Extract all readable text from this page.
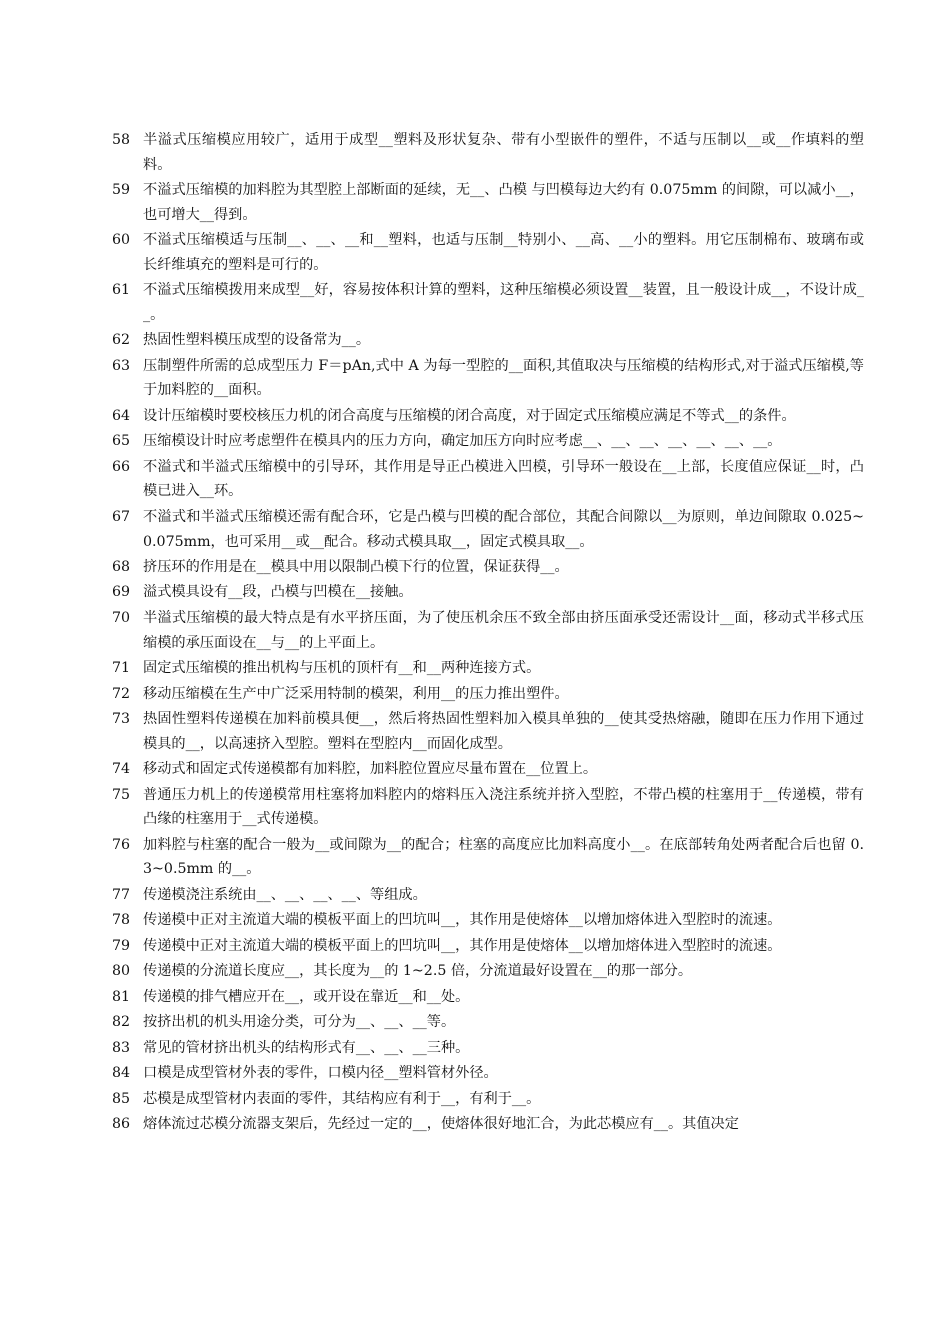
58 半溢式压缩模应用较广，适用于成型__塑料及形状复杂、带有小型嵌件的塑件，不适与压制以__或__作填料的塑料。
59 不溢式压缩模的加料腔为其型腔上部断面的延续，无__、凸模 与凹模每边大约有 0.075mm 的间隙，可以减小__，也可增大__得到。
60 不溢式压缩模适与压制__、__、__和__塑料，也适与压制__特别小、__高、__小的塑料。用它压制棉布、玻璃布或长纤维填充的塑料是可行的。
61 不溢式压缩模拨用来成型__好，容易按体积计算的塑料，这种压缩模必须设置__装置，且一般设计成__，不设计成__。
62 热固性塑料模压成型的设备常为__。
63 压制塑件所需的总成型压力 F＝pAn,式中 A 为每一型腔的__面积,其值取决与压缩模的结构形式,对于溢式压缩模,等于加料腔的__面积。
64 设计压缩模时要校核压力机的闭合高度与压缩模的闭合高度，对于固定式压缩模应满足不等式__的条件。
65 压缩模设计时应考虑塑件在模具内的压力方向，确定加压方向时应考虑__、__、__、__、__、__、__。
66 不溢式和半溢式压缩模中的引导环，其作用是导正凸模进入凹模，引导环一般设在__上部，长度值应保证__时，凸模已进入__环。
67 不溢式和半溢式压缩模还需有配合环，它是凸模与凹模的配合部位，其配合间隙以__为原则，单边间隙取 0.025~0.075mm，也可采用__或__配合。移动式模具取__，固定式模具取__。
68 挤压环的作用是在__模具中用以限制凸模下行的位置，保证获得__。
69 溢式模具设有__段，凸模与凹模在__接触。
70 半溢式压缩模的最大特点是有水平挤压面，为了使压机余压不致全部由挤压面承受还需设计__面，移动式半移式压缩模的承压面设在__与__的上平面上。
71 固定式压缩模的推出机构与压机的顶杆有__和__两种连接方式。
72 移动压缩模在生产中广泛采用特制的模架，利用__的压力推出塑件。
73 热固性塑料传递模在加料前模具便__，然后将热固性塑料加入模具单独的__使其受热熔融，随即在压力作用下通过模具的__，以高速挤入型腔。塑料在型腔内__而固化成型。
74 移动式和固定式传递模都有加料腔，加料腔位置应尽量布置在__位置上。
75 普通压力机上的传递模常用柱塞将加料腔内的熔料压入浇注系统并挤入型腔，不带凸模的柱塞用于__传递模，带有凸缘的柱塞用于__式传递模。
76 加料腔与柱塞的配合一般为__或间隙为__的配合；柱塞的高度应比加料高度小__。在底部转角处两者配合后也留 0.3~0.5mm 的__。
77 传递模浇注系统由__、__、__、__、等组成。
78 传递模中正对主流道大端的模板平面上的凹坑叫__，其作用是使熔体__以增加熔体进入型腔时的流速。
79 传递模中正对主流道大端的模板平面上的凹坑叫__，其作用是使熔体__以增加熔体进入型腔时的流速。
80 传递模的分流道长度应__，其长度为__的 1~2.5 倍，分流道最好设置在__的那一部分。
81 传递模的排气槽应开在__，或开设在靠近__和__处。
82 按挤出机的机头用途分类，可分为__、__、__等。
83 常见的管材挤出机头的结构形式有__、__、__三种。
84 口模是成型管材外表的零件，口模内径__塑料管材外径。
85 芯模是成型管材内表面的零件，其结构应有利于__，有利于__。
86 熔体流过芯模分流器支架后，先经过一定的__，使熔体很好地汇合，为此芯模应有__。其值决定
